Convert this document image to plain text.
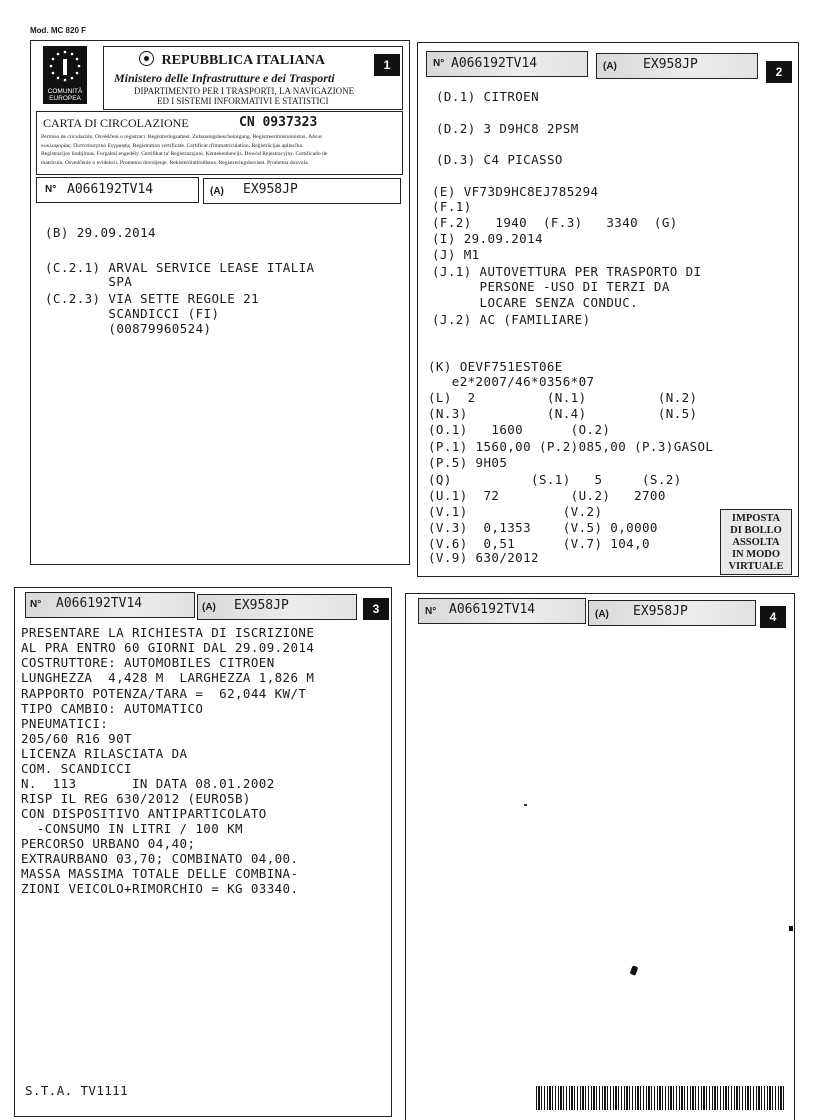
Mod. MC 820 F
COMUNITÀ
EUROPEA
REPUBBLICA ITALIANA
Ministero delle Infrastrutture e dei Trasporti
DIPARTIMENTO PER I TRASPORTI, LA NAVIGAZIONE
ED I SISTEMI INFORMATIVI E STATISTICI
1
CARTA DI CIRCOLAZIONE	CN 0937323
Permiso de circulación. Osvědčení o registraci. Registreringsattest. Zulassungsbescheinigung. Registreerimistunnistus. Άδεια
κυκλοφορίας. Πιστοποιητικό Εγγραφής. Registration certificate. Certificat d'immatriculation. Reģistrācijas apliecība.
Registracijos liudijimas. Forgalmi engedély. Certifikat ta' Reġistrazzjoni. Kentekenbewijs. Dowód Rejestracyjny. Certificado de
matrícula. Osvedčenie o evidencii. Prometno dovoljenje. Rekisteröintitodistus. Registreringsbeviset. Prometna dozvola.
N° A066192TV14	(A) EX958JP
(B) 29.09.2014
(C.2.1) ARVAL SERVICE LEASE ITALIA
SPA
(C.2.3) VIA SETTE REGOLE 21
SCANDICCI (FI)
(00879960524)
N° A066192TV14	(A) EX958JP	2
(D.1) CITROEN
(D.2) 3 D9HC8 2PSM
(D.3) C4 PICASSO
(E) VF73D9HC8EJ785294
(F.1)
(F.2)   1940  (F.3)   3340  (G)
(I) 29.09.2014
(J) M1
(J.1) AUTOVETTURA PER TRASPORTO DI
PERSONE -USO DI TERZI DA
LOCARE SENZA CONDUC.
(J.2) AC (FAMILIARE)
(K) OEVF751EST06E
e2*2007/46*0356*07
(L)  2         (N.1)         (N.2)
(N.3)          (N.4)         (N.5)
(O.1)   1600      (O.2)
(P.1) 1560,00 (P.2)085,00 (P.3)GASOL
(P.5) 9H05
(Q)          (S.1)   5     (S.2)
(U.1)  72         (U.2)   2700
(V.1)            (V.2)
(V.3)  0,1353    (V.5) 0,0000
(V.6)  0,51      (V.7) 104,0
(V.9) 630/2012
IMPOSTA
DI BOLLO
ASSOLTA
IN MODO
VIRTUALE
N° A066192TV14	(A) EX958JP	3
PRESENTARE LA RICHIESTA DI ISCRIZIONE
AL PRA ENTRO 60 GIORNI DAL 29.09.2014
COSTRUTTORE: AUTOMOBILES CITROEN
LUNGHEZZA  4,428 M  LARGHEZZA 1,826 M
RAPPORTO POTENZA/TARA =  62,044 KW/T
TIPO CAMBIO: AUTOMATICO
PNEUMATICI:
205/60 R16 90T
LICENZA RILASCIATA DA
COM. SCANDICCI
N.  113       IN DATA 08.01.2002
RISP IL REG 630/2012 (EURO5B)
CON DISPOSITIVO ANTIPARTICOLATO
-CONSUMO IN LITRI / 100 KM
PERCORSO URBANO 04,40;
EXTRAURBANO 03,70; COMBINATO 04,00.
MASSA MASSIMA TOTALE DELLE COMBINA-
ZIONI VEICOLO+RIMORCHIO = KG 03340.
S.T.A. TV1111
N° A066192TV14	(A) EX958JP	4
